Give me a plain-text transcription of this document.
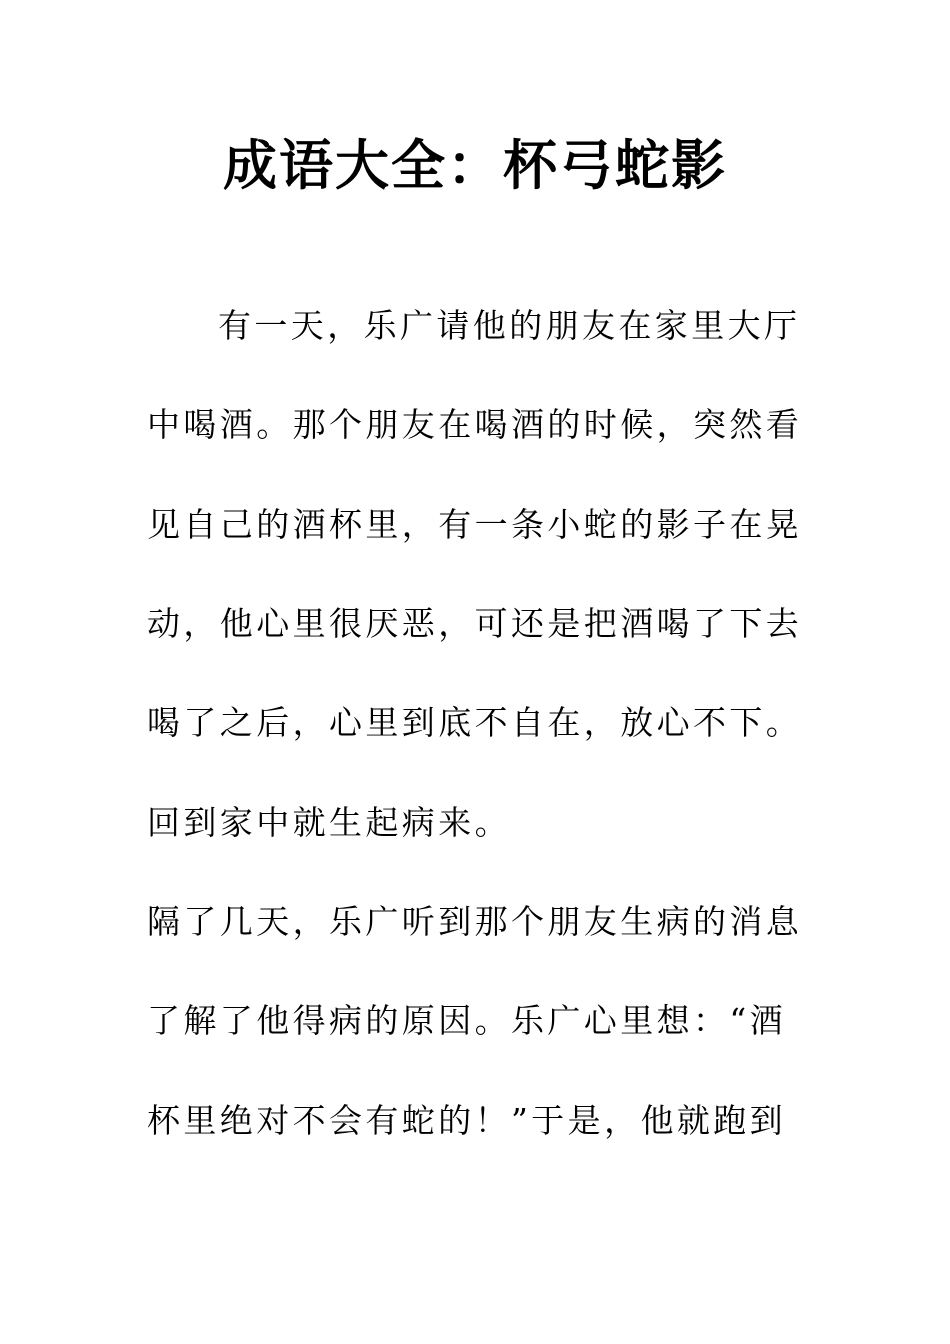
成语大全：杯弓蛇影

有一天，乐广请他的朋友在家里大厅

中喝酒。那个朋友在喝酒的时候，突然看

见自己的酒杯里，有一条小蛇的影子在晃

动，他心里很厌恶，可还是把酒喝了下去

喝了之后，心里到底不自在，放心不下。

回到家中就生起病来。

隔了几天，乐广听到那个朋友生病的消息

了解了他得病的原因。乐广心里想：“酒

杯里绝对不会有蛇的！”于是，他就跑到
